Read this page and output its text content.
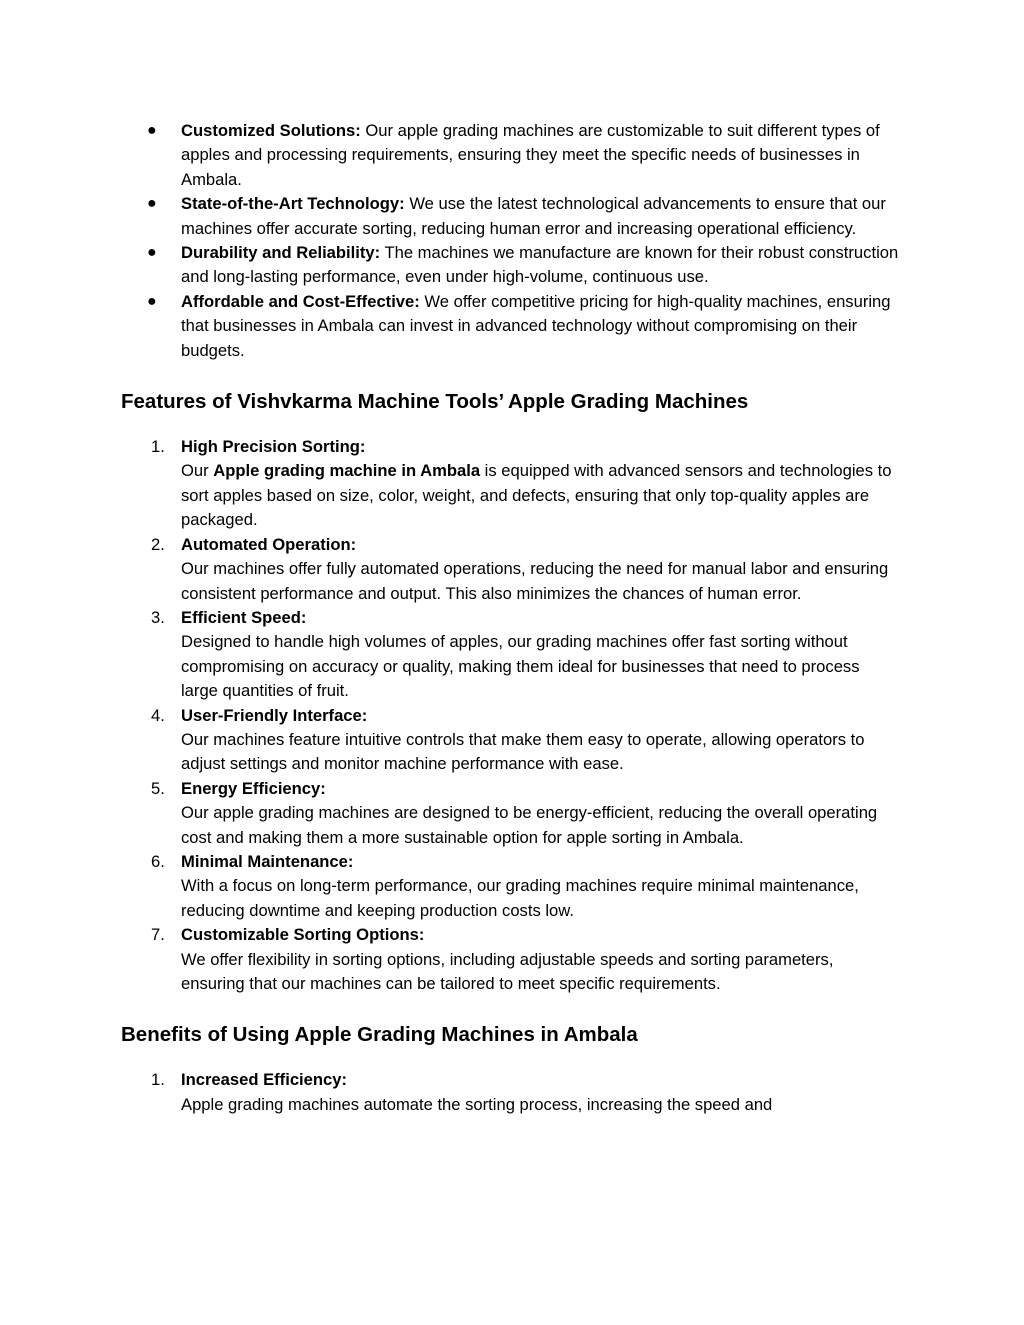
● Customized Solutions: Our apple grading machines are customizable to suit different types of apples and processing requirements, ensuring they meet the specific needs of businesses in Ambala.
● State-of-the-Art Technology: We use the latest technological advancements to ensure that our machines offer accurate sorting, reducing human error and increasing operational efficiency.
● Durability and Reliability: The machines we manufacture are known for their robust construction and long-lasting performance, even under high-volume, continuous use.
● Affordable and Cost-Effective: We offer competitive pricing for high-quality machines, ensuring that businesses in Ambala can invest in advanced technology without compromising on their budgets.
Features of Vishvkarma Machine Tools’ Apple Grading Machines
1. High Precision Sorting:
Our Apple grading machine in Ambala is equipped with advanced sensors and technologies to sort apples based on size, color, weight, and defects, ensuring that only top-quality apples are packaged.
2. Automated Operation:
Our machines offer fully automated operations, reducing the need for manual labor and ensuring consistent performance and output. This also minimizes the chances of human error.
3. Efficient Speed:
Designed to handle high volumes of apples, our grading machines offer fast sorting without compromising on accuracy or quality, making them ideal for businesses that need to process large quantities of fruit.
4. User-Friendly Interface:
Our machines feature intuitive controls that make them easy to operate, allowing operators to adjust settings and monitor machine performance with ease.
5. Energy Efficiency:
Our apple grading machines are designed to be energy-efficient, reducing the overall operating cost and making them a more sustainable option for apple sorting in Ambala.
6. Minimal Maintenance:
With a focus on long-term performance, our grading machines require minimal maintenance, reducing downtime and keeping production costs low.
7. Customizable Sorting Options:
We offer flexibility in sorting options, including adjustable speeds and sorting parameters, ensuring that our machines can be tailored to meet specific requirements.
Benefits of Using Apple Grading Machines in Ambala
1. Increased Efficiency:
Apple grading machines automate the sorting process, increasing the speed and
